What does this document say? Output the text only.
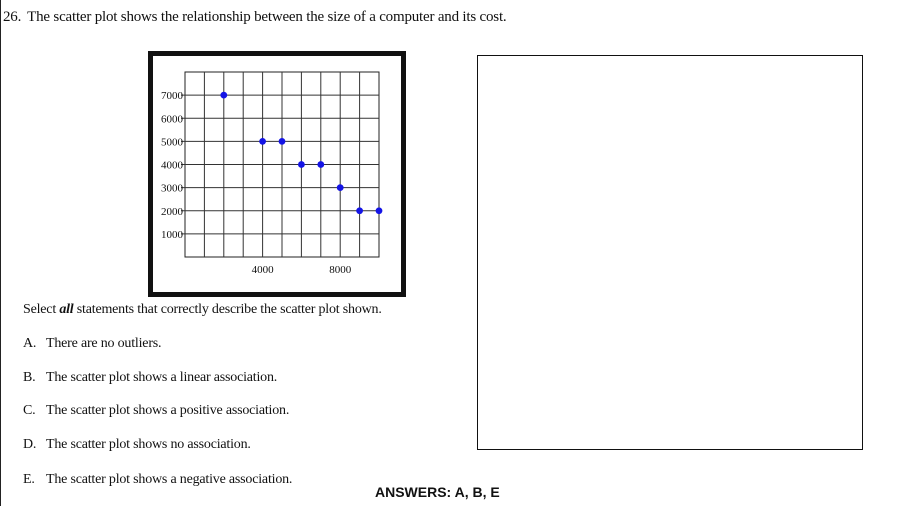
26. The scatter plot shows the relationship between the size of a computer and its cost.
1000
2000
3000
4000
5000
6000
7000
4000	8000
Select all statements that correctly describe the scatter plot shown.
A. There are no outliers.
B. The scatter plot shows a linear association.
C. The scatter plot shows a positive association.
D. The scatter plot shows no association.
E. The scatter plot shows a negative association.
ANSWERS: A, B, E
